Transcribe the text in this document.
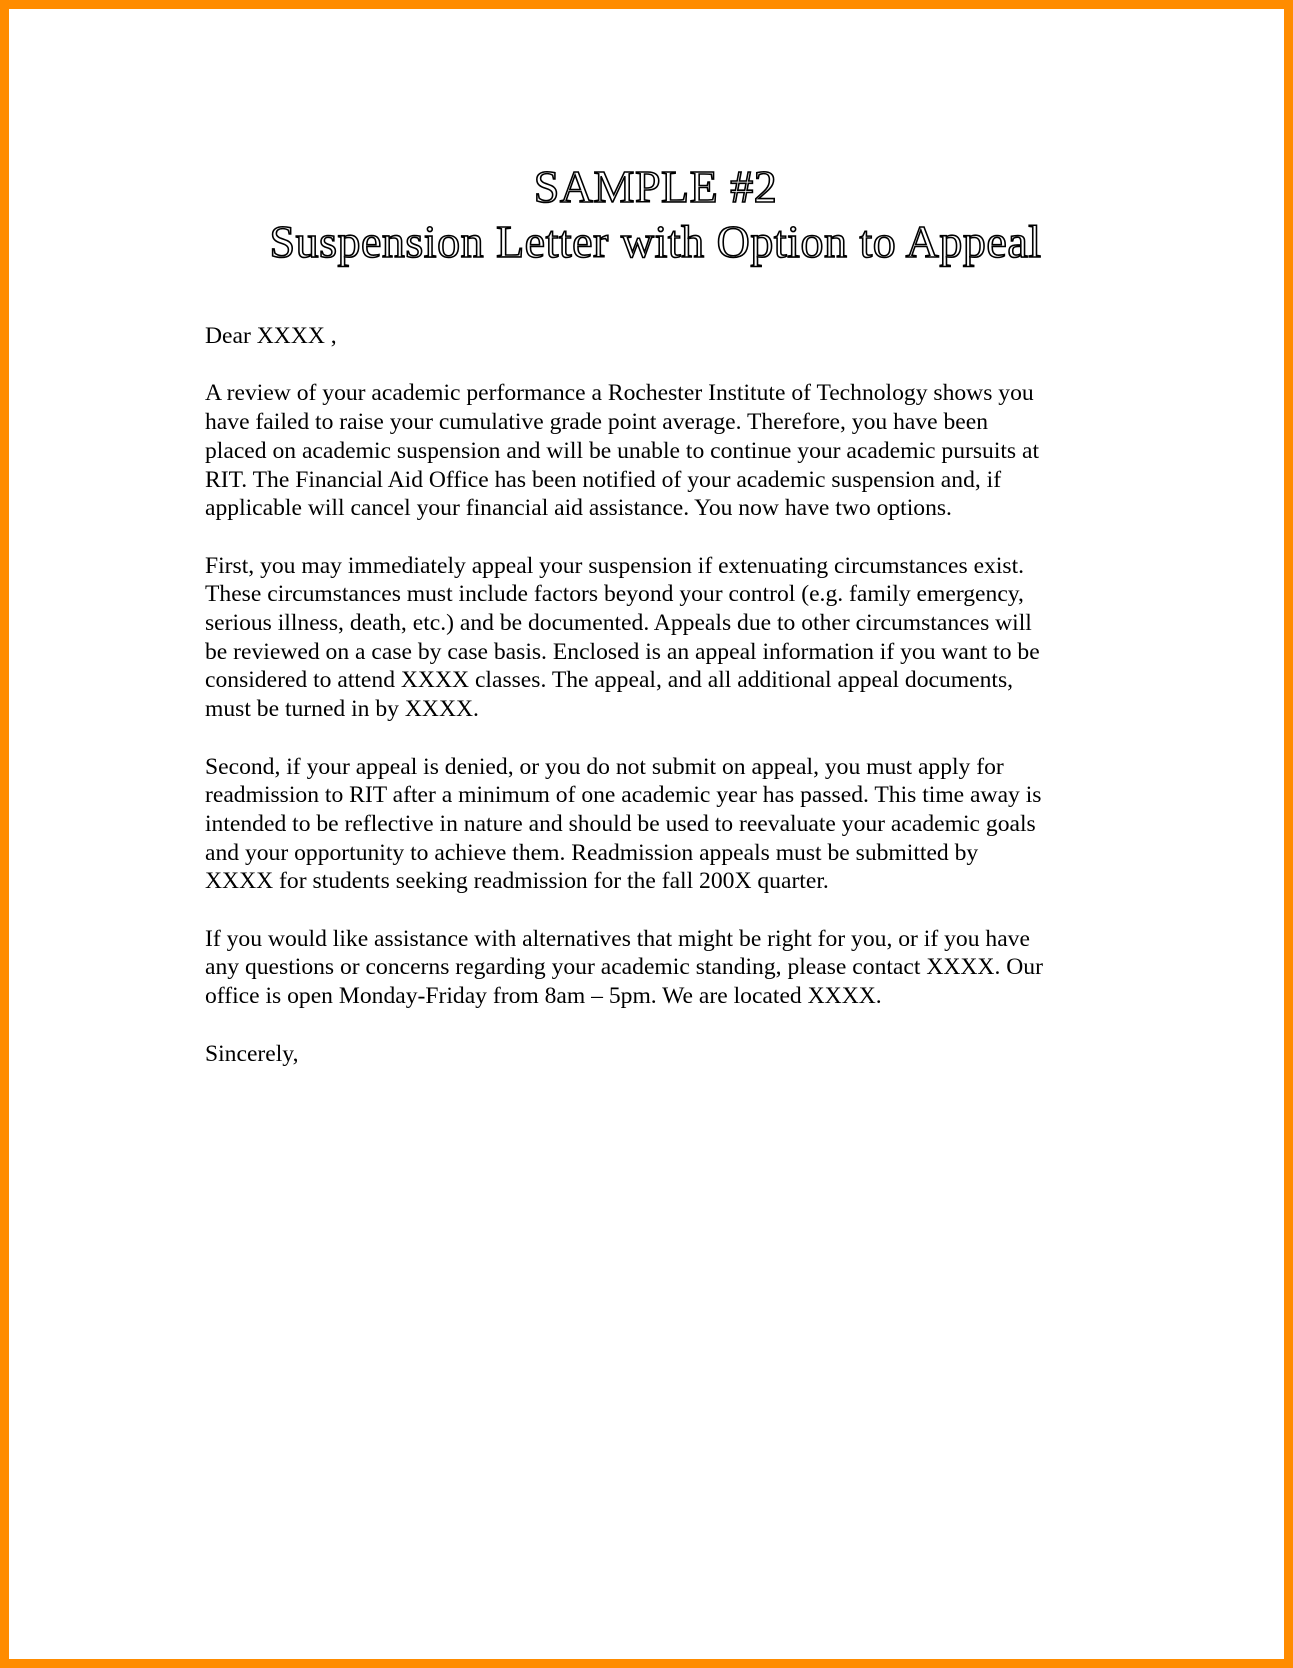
SAMPLE #2
Suspension Letter with Option to Appeal

Dear XXXX ,

A review of your academic performance a Rochester Institute of Technology shows you
have failed to raise your cumulative grade point average. Therefore, you have been
placed on academic suspension and will be unable to continue your academic pursuits at
RIT. The Financial Aid Office has been notified of your academic suspension and, if
applicable will cancel your financial aid assistance. You now have two options.

First, you may immediately appeal your suspension if extenuating circumstances exist.
These circumstances must include factors beyond your control (e.g. family emergency,
serious illness, death, etc.) and be documented. Appeals due to other circumstances will
be reviewed on a case by case basis. Enclosed is an appeal information if you want to be
considered to attend XXXX classes. The appeal, and all additional appeal documents,
must be turned in by XXXX.

Second, if your appeal is denied, or you do not submit on appeal, you must apply for
readmission to RIT after a minimum of one academic year has passed. This time away is
intended to be reflective in nature and should be used to reevaluate your academic goals
and your opportunity to achieve them. Readmission appeals must be submitted by
XXXX for students seeking readmission for the fall 200X quarter.

If you would like assistance with alternatives that might be right for you, or if you have
any questions or concerns regarding your academic standing, please contact XXXX. Our
office is open Monday-Friday from 8am – 5pm. We are located XXXX.

Sincerely,
